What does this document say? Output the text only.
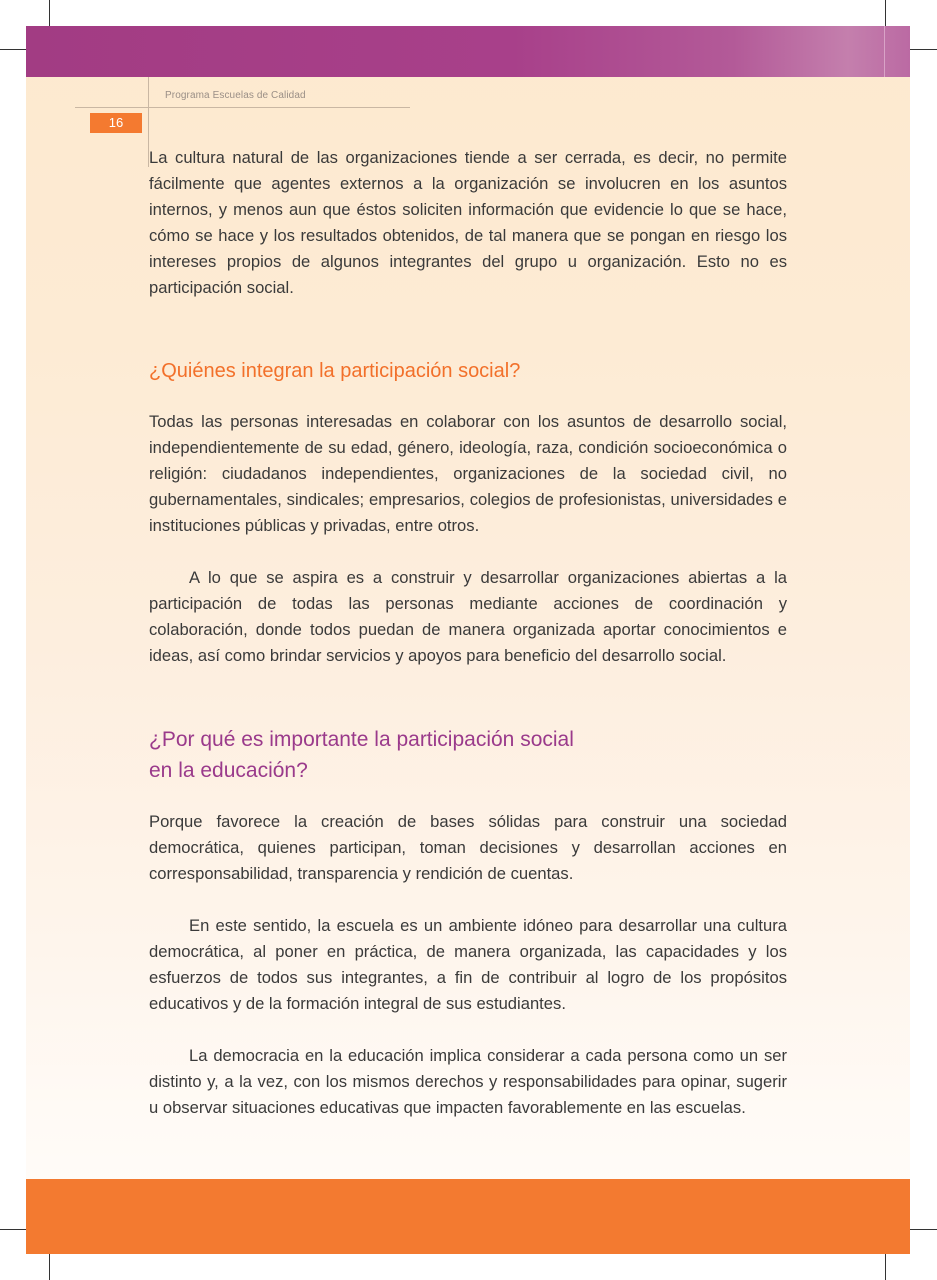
Programa Escuelas de Calidad
16

La cultura natural de las organizaciones tiende a ser cerrada, es decir, no permite fácilmente que agentes externos a la organización se involucren en los asuntos internos, y menos aun que éstos soliciten información que evidencie lo que se hace, cómo se hace y los resultados obtenidos, de tal manera que se pongan en riesgo los intereses propios de algunos integrantes del grupo u organización. Esto no es participación social.

¿Quiénes integran la participación social?

Todas las personas interesadas en colaborar con los asuntos de desarrollo social, independientemente de su edad, género, ideología, raza, condición socioeconómica o religión: ciudadanos independientes, organizaciones de la sociedad civil, no gubernamentales, sindicales; empresarios, colegios de profesionistas, universidades e instituciones públicas y privadas, entre otros.

A lo que se aspira es a construir y desarrollar organizaciones abiertas a la participación de todas las personas mediante acciones de coordinación y colaboración, donde todos puedan de manera organizada aportar conocimientos e ideas, así como brindar servicios y apoyos para beneficio del desarrollo social.

¿Por qué es importante la participación social
en la educación?

Porque favorece la creación de bases sólidas para construir una sociedad democrática, quienes participan, toman decisiones y desarrollan acciones en corresponsabilidad, transparencia y rendición de cuentas.

En este sentido, la escuela es un ambiente idóneo para desarrollar una cultura democrática, al poner en práctica, de manera organizada, las capacidades y los esfuerzos de todos sus integrantes, a fin de contribuir al logro de los propósitos educativos y de la formación integral de sus estudiantes.

La democracia en la educación implica considerar a cada persona como un ser distinto y, a la vez, con los mismos derechos y responsabilidades para opinar, sugerir u observar situaciones educativas que impacten favorablemente en las escuelas.
